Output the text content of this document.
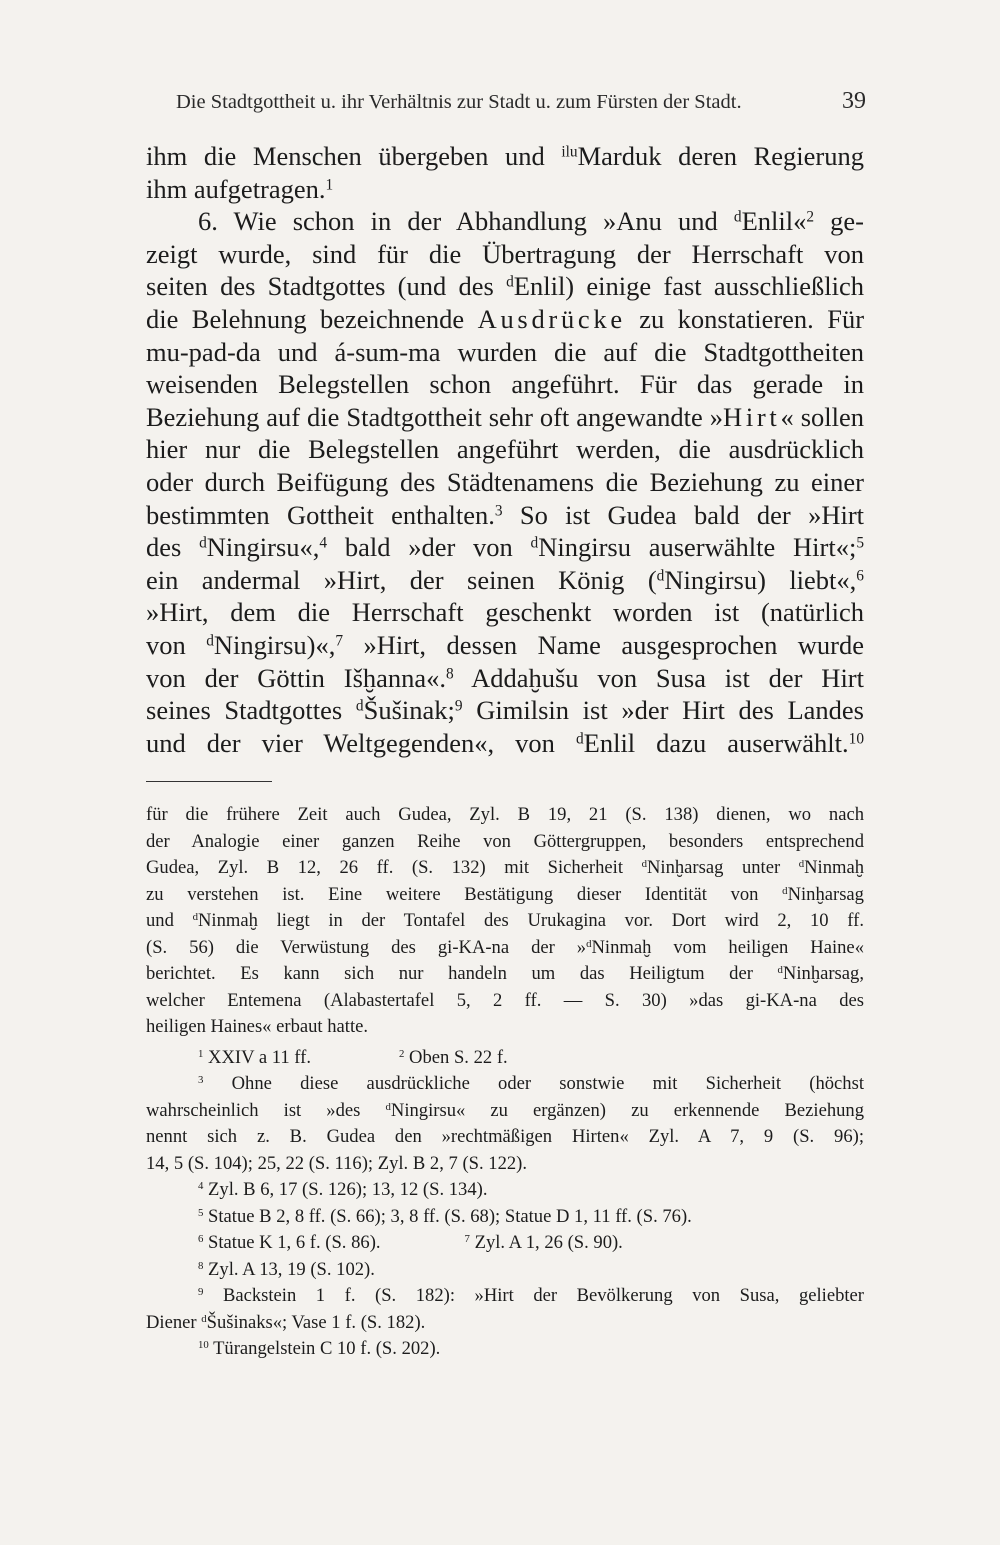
Die Stadtgottheit u. ihr Verhältnis zur Stadt u. zum Fürsten der Stadt.	39
ihm die Menschen übergeben und $^{ilu}$Marduk deren Regierung
ihm aufgetragen.$^1$
6. Wie schon in der Abhandlung »Anu und $^d$Enlil«$^2$ ge-
zeigt wurde, sind für die Übertragung der Herrschaft von
seiten des Stadtgottes (und des $^d$Enlil) einige fast ausschließlich
die Belehnung bezeichnende Ausdrücke zu konstatieren. Für
mu-pad-da und á-sum-ma wurden die auf die Stadtgottheiten
weisenden Belegstellen schon angeführt. Für das gerade in
Beziehung auf die Stadtgottheit sehr oft angewandte »Hirt« sollen
hier nur die Belegstellen angeführt werden, die ausdrücklich
oder durch Beifügung des Städtenamens die Beziehung zu einer
bestimmten Gottheit enthalten.$^3$ So ist Gudea bald der »Hirt
des $^d$Ningirsu«,$^4$ bald »der von $^d$Ningirsu auserwählte Hirt«;$^5$
ein andermal »Hirt, der seinen König ($^d$Ningirsu) liebt«,$^6$
»Hirt, dem die Herrschaft geschenkt worden ist (natürlich
von $^d$Ningirsu)«,$^7$ »Hirt, dessen Name ausgesprochen wurde
von der Göttin Išḫanna«.$^8$ Addaḫušu von Susa ist der Hirt
seines Stadtgottes $^d$Šušinak;$^9$ Gimilsin ist »der Hirt des Landes
und der vier Weltgegenden«, von $^d$Enlil dazu auserwählt.$^{10}$
für die frühere Zeit auch Gudea, Zyl. B 19, 21 (S. 138) dienen, wo nach
der Analogie einer ganzen Reihe von Göttergruppen, besonders entsprechend
Gudea, Zyl. B 12, 26 ff. (S. 132) mit Sicherheit $^d$Ninḫarsag unter $^d$Ninmaḫ
zu verstehen ist. Eine weitere Bestätigung dieser Identität von $^d$Ninḫarsag
und $^d$Ninmaḫ liegt in der Tontafel des Urukagina vor. Dort wird 2, 10 ff.
(S. 56) die Verwüstung des gi-KA-na der »$^d$Ninmaḫ vom heiligen Haine«
berichtet. Es kann sich nur handeln um das Heiligtum der $^d$Ninḫarsag,
welcher Entemena (Alabastertafel 5, 2 ff. — S. 30) »das gi-KA-na des
heiligen Haines« erbaut hatte.
$^1$ XXIV a 11 ff.	$^2$ Oben S. 22 f.
$^3$ Ohne diese ausdrückliche oder sonstwie mit Sicherheit (höchst
wahrscheinlich ist »des $^d$Ningirsu« zu ergänzen) zu erkennende Beziehung
nennt sich z. B. Gudea den »rechtmäßigen Hirten« Zyl. A 7, 9 (S. 96);
14, 5 (S. 104); 25, 22 (S. 116); Zyl. B 2, 7 (S. 122).
$^4$ Zyl. B 6, 17 (S. 126); 13, 12 (S. 134).
$^5$ Statue B 2, 8 ff. (S. 66); 3, 8 ff. (S. 68); Statue D 1, 11 ff. (S. 76).
$^6$ Statue K 1, 6 f. (S. 86).	$^7$ Zyl. A 1, 26 (S. 90).
$^8$ Zyl. A 13, 19 (S. 102).
$^9$ Backstein 1 f. (S. 182): »Hirt der Bevölkerung von Susa, geliebter
Diener $^d$Šušinaks«; Vase 1 f. (S. 182).
$^{10}$ Türangelstein C 10 f. (S. 202).
